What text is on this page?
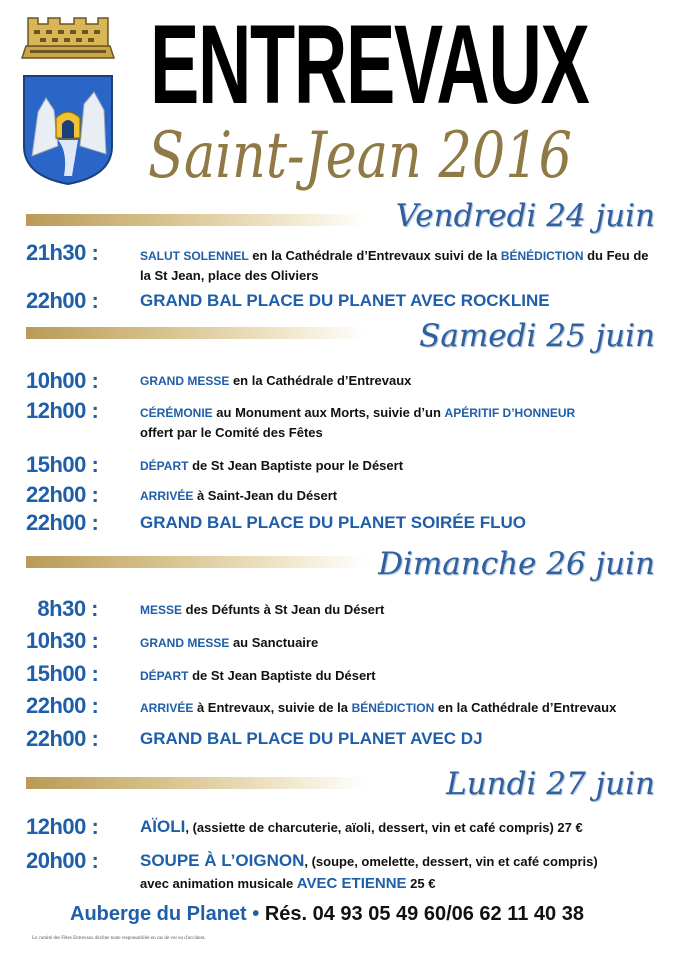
ENTREVAUX
Saint-Jean 2016
Vendredi 24 juin
21h30 :	SALUT SOLENNEL en la Cathédrale d’Entrevaux suivi de la BÉNÉDICTION du Feu de
la St Jean, place des Oliviers
22h00 :	GRAND BAL PLACE DU PLANET AVEC ROCKLINE
Samedi 25 juin
10h00 :	GRAND MESSE en la Cathédrale d’Entrevaux
12h00 :	CÉRÉMONIE au Monument aux Morts, suivie d’un APÉRITIF D’HONNEUR
offert par le Comité des Fêtes
15h00 :	DÉPART de St Jean Baptiste pour le Désert
22h00 :	ARRIVÉE à Saint-Jean du Désert
22h00 :	GRAND BAL PLACE DU PLANET SOIRÉE FLUO
Dimanche 26 juin
8h30 :	MESSE des Défunts à St Jean du Désert
10h30 :	GRAND MESSE au Sanctuaire
15h00 :	DÉPART de St Jean Baptiste du Désert
22h00 :	ARRIVÉE à Entrevaux, suivie de la BÉNÉDICTION en la Cathédrale d’Entrevaux
22h00 :	GRAND BAL PLACE DU PLANET AVEC DJ
Lundi 27 juin
12h00 :	AÏOLI, (assiette de charcuterie, aïoli, dessert, vin et café compris) 27 €
20h00 :	SOUPE À L’OIGNON, (soupe, omelette, dessert, vin et café compris)
avec animation musicale AVEC ETIENNE 25 €
Auberge du Planet • Rés. 04 93 05 49 60/06 62 11 40 38
Le comité des Fêtes Entrevaux décline toute responsabilité en cas de vol ou d'accident.
